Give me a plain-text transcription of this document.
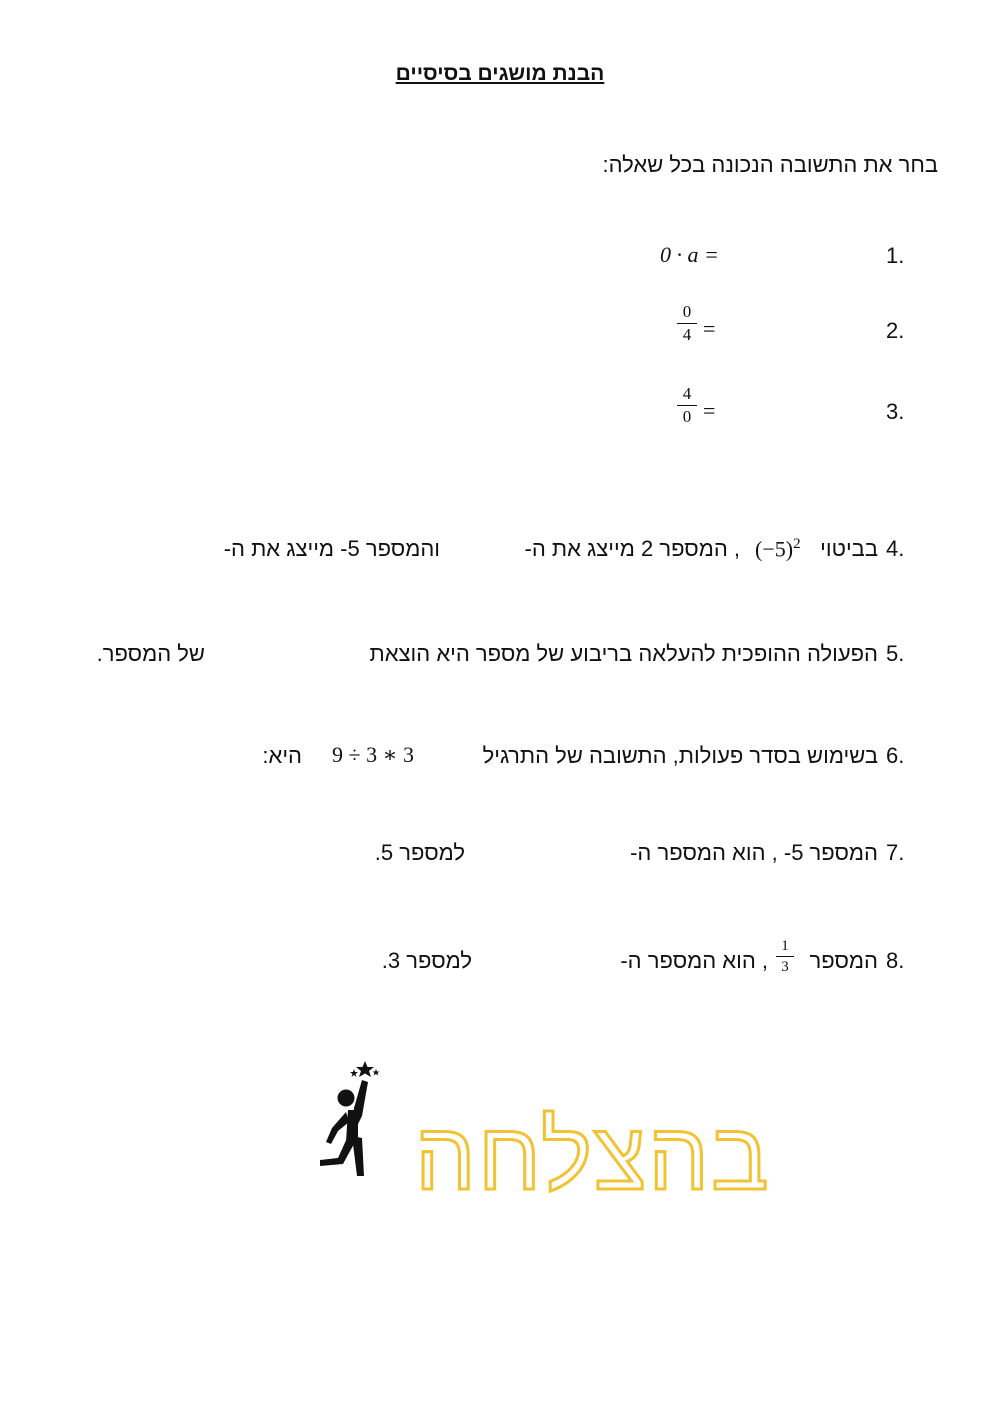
הבנת מושגים בסיסיים
בחר את התשובה הנכונה בכל שאלה:
1.
0 · a =
2.
0
4 =
3.
4
0 =
4.
בביטוי
$(-5)^2$
, המספר 2 מייצג את ה-
והמספר 5- מייצג את ה-
5.
הפעולה ההופכית להעלאה בריבוע של מספר היא הוצאת
של המספר.
6.
בשימוש בסדר פעולות, התשובה של התרגיל
9 ÷ 3 ∗ 3
היא:
7.
המספר 5- , הוא המספר ה-
למספר 5.
8.
המספר
1
3
, הוא המספר ה-
למספר 3.
בהצלחה
